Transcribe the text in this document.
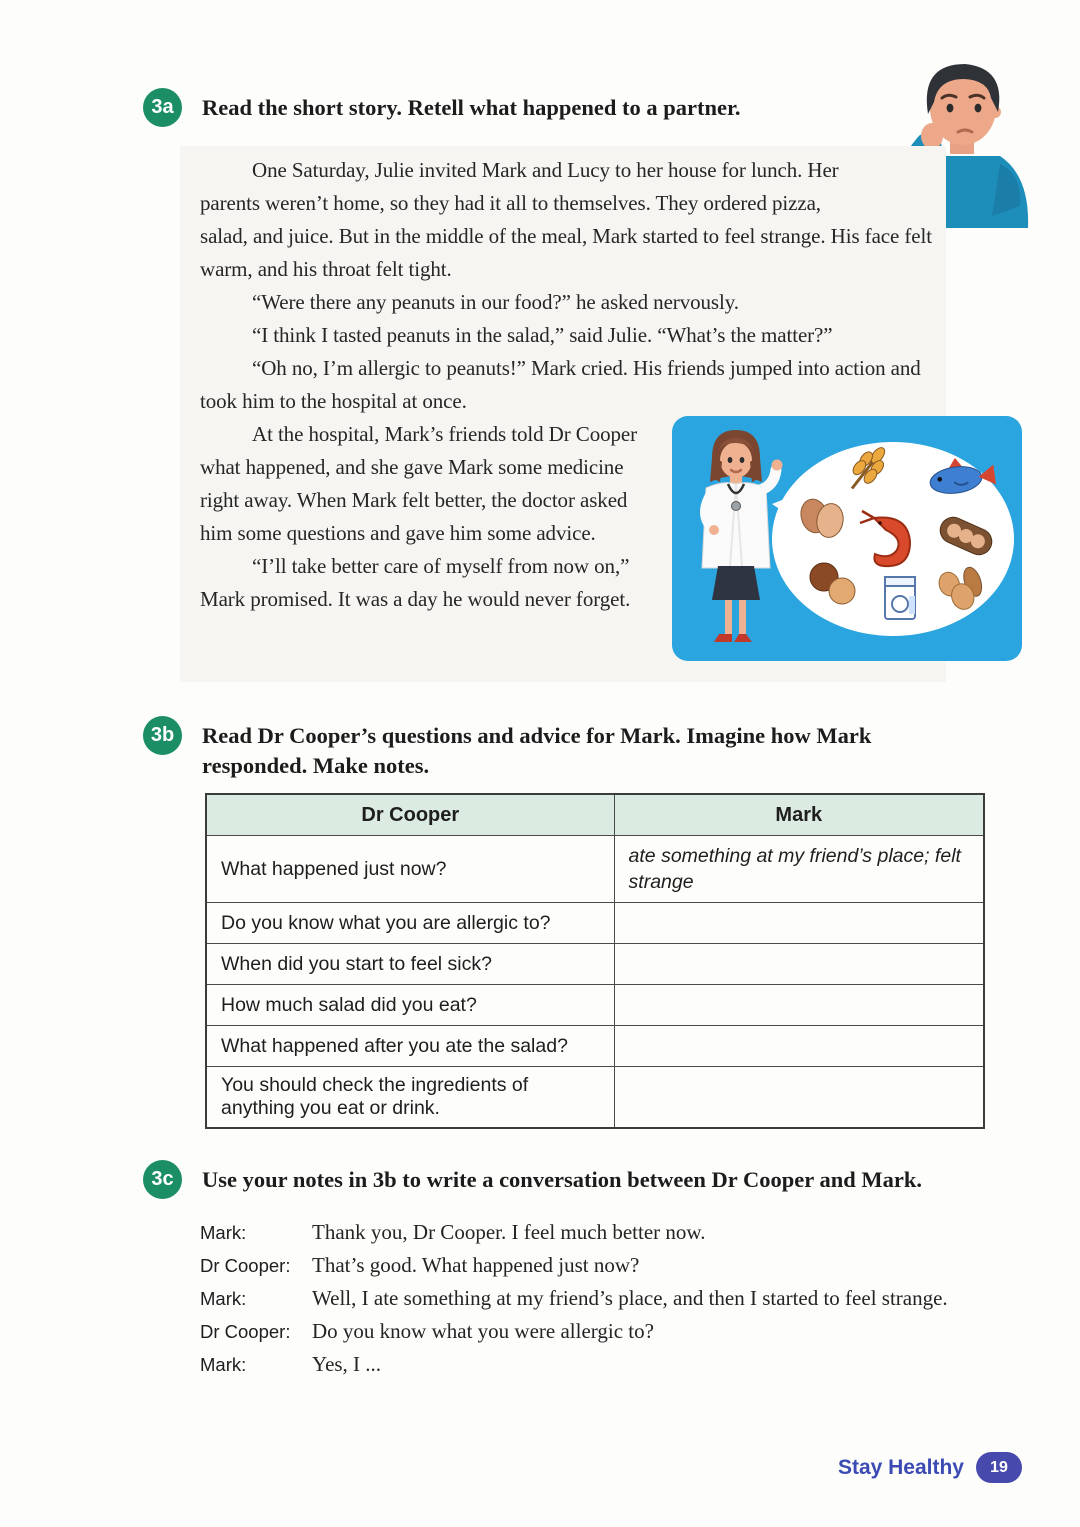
3a	Read the short story. Retell what happened to a partner.

One Saturday, Julie invited Mark and Lucy to her house for lunch. Her parents weren’t home, so they had it all to themselves. They ordered pizza, salad, and juice. But in the middle of the meal, Mark started to feel strange. His face felt warm, and his throat felt tight.

“Were there any peanuts in our food?” he asked nervously.

“I think I tasted peanuts in the salad,” said Julie. “What’s the matter?”

“Oh no, I’m allergic to peanuts!” Mark cried. His friends jumped into action and took him to the hospital at once.

At the hospital, Mark’s friends told Dr Cooper what happened, and she gave Mark some medicine right away. When Mark felt better, the doctor asked him some questions and gave him some advice.

“I’ll take better care of myself from now on,” Mark promised. It was a day he would never forget.

3b	Read Dr Cooper’s questions and advice for Mark. Imagine how Mark responded. Make notes.
Dr Cooper	Mark
What happened just now?	ate something at my friend’s place; felt strange
Do you know what you are allergic to?	
When did you start to feel sick?	
How much salad did you eat?	
What happened after you ate the salad?	
You should check the ingredients of anything you eat or drink.	
3c	Use your notes in 3b to write a conversation between Dr Cooper and Mark.
Mark:	Thank you, Dr Cooper. I feel much better now.
Dr Cooper:	That’s good. What happened just now?
Mark:	Well, I ate something at my friend’s place, and then I started to feel strange.
Dr Cooper:	Do you know what you were allergic to?
Mark:	Yes, I ...
Stay Healthy	19
